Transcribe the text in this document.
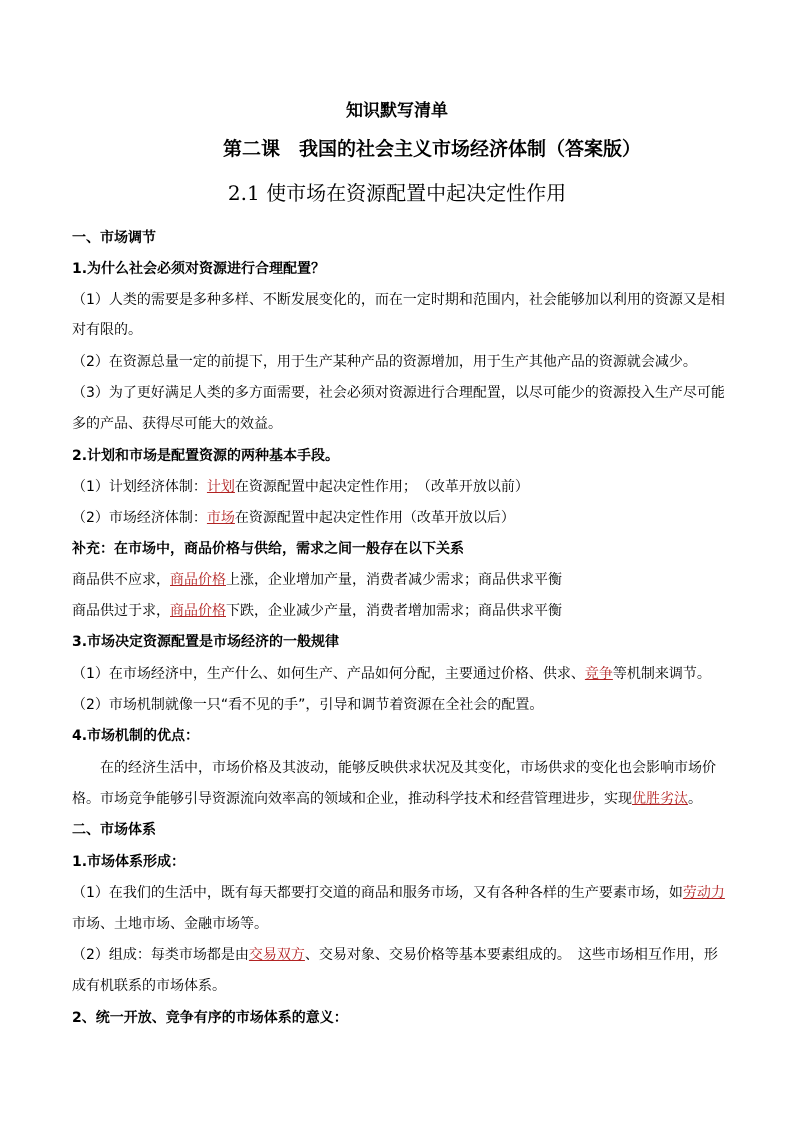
知识默写清单
第二课　我国的社会主义市场经济体制（答案版）
2.1 使市场在资源配置中起决定性作用
一、市场调节
1.为什么社会必须对资源进行合理配置？
（1）人类的需要是多种多样、不断发展变化的，而在一定时期和范围内，社会能够加以利用的资源又是相
对有限的。
（2）在资源总量一定的前提下，用于生产某种产品的资源增加，用于生产其他产品的资源就会减少。
（3）为了更好满足人类的多方面需要，社会必须对资源进行合理配置，以尽可能少的资源投入生产尽可能
多的产品、获得尽可能大的效益。
2.计划和市场是配置资源的两种基本手段。
（1）计划经济体制：计划在资源配置中起决定性作用；　（改革开放以前）
（2）市场经济体制：市场在资源配置中起决定性作用（改革开放以后）
补充：在市场中，商品价格与供给，需求之间一般存在以下关系
商品供不应求，商品价格上涨，企业增加产量，消费者减少需求；商品供求平衡
商品供过于求，商品价格下跌，企业减少产量，消费者增加需求；商品供求平衡
3.市场决定资源配置是市场经济的一般规律
（1）在市场经济中，生产什么、如何生产、产品如何分配，主要通过价格、供求、竞争等机制来调节。
（2）市场机制就像一只“看不见的手”，引导和调节着资源在全社会的配置。
4.市场机制的优点：
在的经济生活中，市场价格及其波动，能够反映供求状况及其变化，市场供求的变化也会影响市场价
格。市场竞争能够引导资源流向效率高的领域和企业，推动科学技术和经营管理进步，实现优胜劣汰。
二、市场体系
1.市场体系形成：
（1）在我们的生活中，既有每天都要打交道的商品和服务市场，又有各种各样的生产要素市场，如劳动力
市场、土地市场、金融市场等。
（2）组成：每类市场都是由交易双方、交易对象、交易价格等基本要素组成的。　这些市场相互作用，形
成有机联系的市场体系。
2、统一开放、竞争有序的市场体系的意义：
